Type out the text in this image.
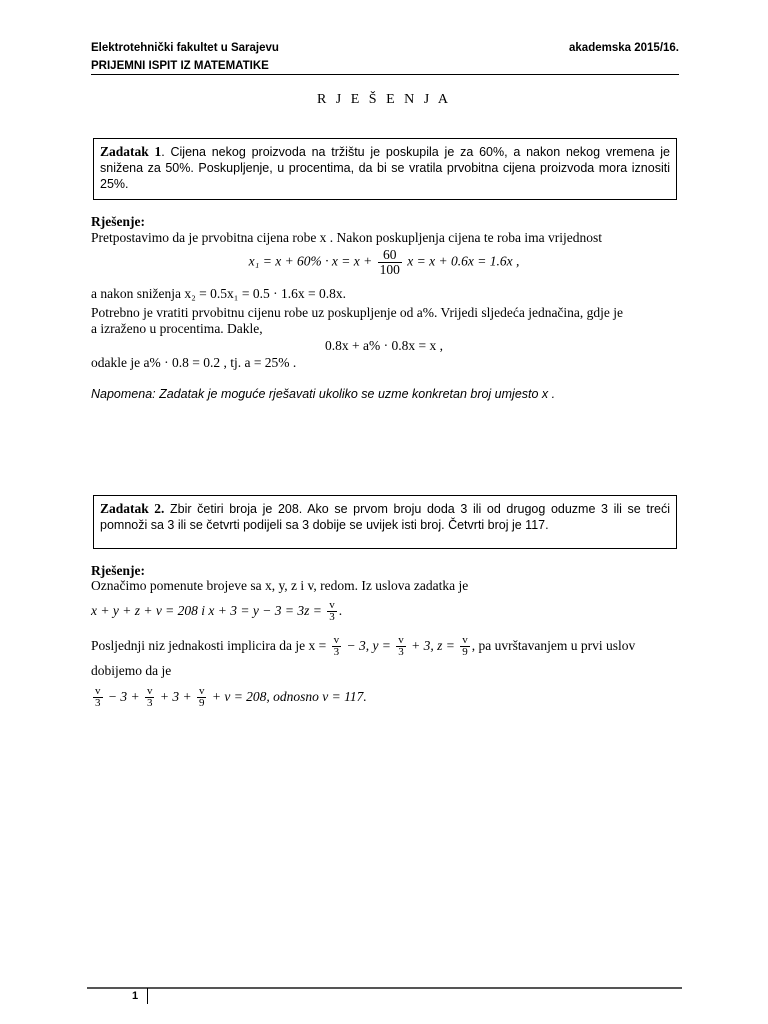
Elektrotehnički fakultet u Sarajevu	akademska 2015/16.
PRIJEMNI ISPIT IZ MATEMATIKE
R J E Š E N J A
Zadatak 1. Cijena nekog proizvoda na tržištu je poskupila je za 60%, a nakon nekog vremena je snižena za 50%. Poskupljenje, u procentima, da bi se vratila prvobitna cijena proizvoda mora iznositi 25%.
Rješenje:
Pretpostavimo da je prvobitna cijena robe x . Nakon poskupljenja cijena te roba ima vrijednost
$x_1 = x + 60\% \cdot x = x + \frac{60}{100}$ x = x + 0.6x = 1.6x ,
a nakon sniženja x₂ = 0.5x₁ = 0.5 · 1.6x = 0.8x.
Potrebno je vratiti prvobitnu cijenu robe uz poskupljenje od a%. Vrijedi sljedeća jednačina, gdje je
a izraženo u procentima. Dakle,
0.8x + a% · 0.8x = x ,
odakle je a% · 0.8 = 0.2 , tj. a = 25% .
Napomena: Zadatak je moguće rješavati ukoliko se uzme konkretan broj umjesto x .
Zadatak 2. Zbir četiri broja je 208. Ako se prvom broju doda 3 ili od drugog oduzme 3 ili se treći pomnoži sa 3 ili se četvrti podijeli sa 3 dobije se uvijek isti broj. Četvrti broj je 117.
Rješenje:
Označimo pomenute brojeve sa x, y, z i v, redom. Iz uslova zadatka je
x + y + z + v = 208 i $x + 3 = y - 3 = 3z = \frac{v}{3}$ .
Posljednji niz jednakosti implicira da je $x = \frac{v}{3} - 3$, $y = \frac{v}{3} + 3$, $z = \frac{v}{9}$ , pa uvrštavanjem u prvi uslov
dobijemo da je
$\frac{v}{3} - 3 + \frac{v}{3} + 3 + \frac{v}{9} + v = 208$, odnosno v = 117.
1
